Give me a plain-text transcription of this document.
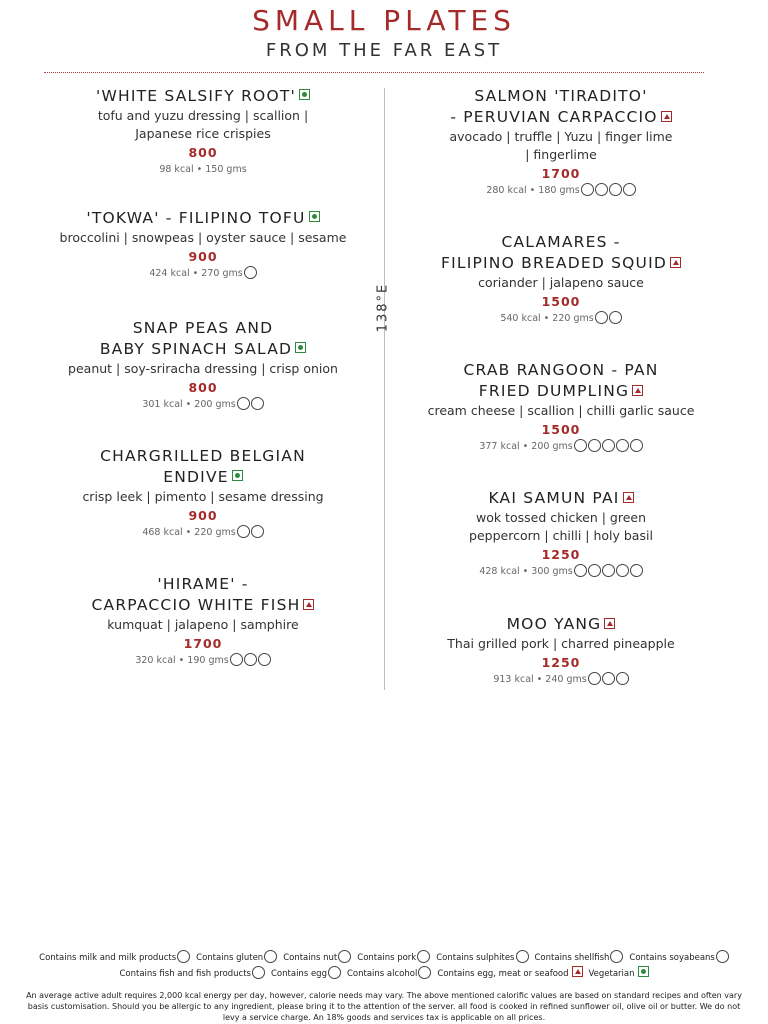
SMALL PLATES
FROM THE FAR EAST
138°E
'WHITE SALSIFY ROOT'
tofu and yuzu dressing | scallion |
Japanese rice crispies
800
98 kcal • 150 gms
'TOKWA' - FILIPINO TOFU
broccolini | snowpeas | oyster sauce | sesame
900
424 kcal • 270 gms
SNAP PEAS AND
BABY SPINACH SALAD
peanut | soy-sriracha dressing | crisp onion
800
301 kcal • 200 gms
CHARGRILLED BELGIAN
ENDIVE
crisp leek | pimento | sesame dressing
900
468 kcal • 220 gms
'HIRAME' -
CARPACCIO WHITE FISH
kumquat | jalapeno | samphire
1700
320 kcal • 190 gms
SALMON 'TIRADITO'
- PERUVIAN CARPACCIO
avocado | truffle | Yuzu | finger lime
| fingerlime
1700
280 kcal • 180 gms
CALAMARES -
FILIPINO BREADED SQUID
coriander | jalapeno sauce
1500
540 kcal • 220 gms
CRAB RANGOON - PAN
FRIED DUMPLING
cream cheese | scallion | chilli garlic sauce
1500
377 kcal • 200 gms
KAI SAMUN PAI
wok tossed chicken | green
peppercorn | chilli | holy basil
1250
428 kcal • 300 gms
MOO YANG
Thai grilled pork | charred pineapple
1250
913 kcal • 240 gms
Contains milk and milk products Contains gluten Contains nut Contains pork Contains sulphites Contains shellfish Contains soyabeans
Contains fish and fish products Contains egg Contains alcohol Contains egg, meat or seafood Vegetarian
An average active adult requires 2,000 kcal energy per day, however, calorie needs may vary. The above mentioned calorific values are based on standard recipes and often vary basis customisation. Should you be allergic to any ingredient, please bring it to the attention of the server. all food is cooked in refined sunflower oil, olive oil or butter. We do not levy a service charge. An 18% goods and services tax is applicable on all prices.
